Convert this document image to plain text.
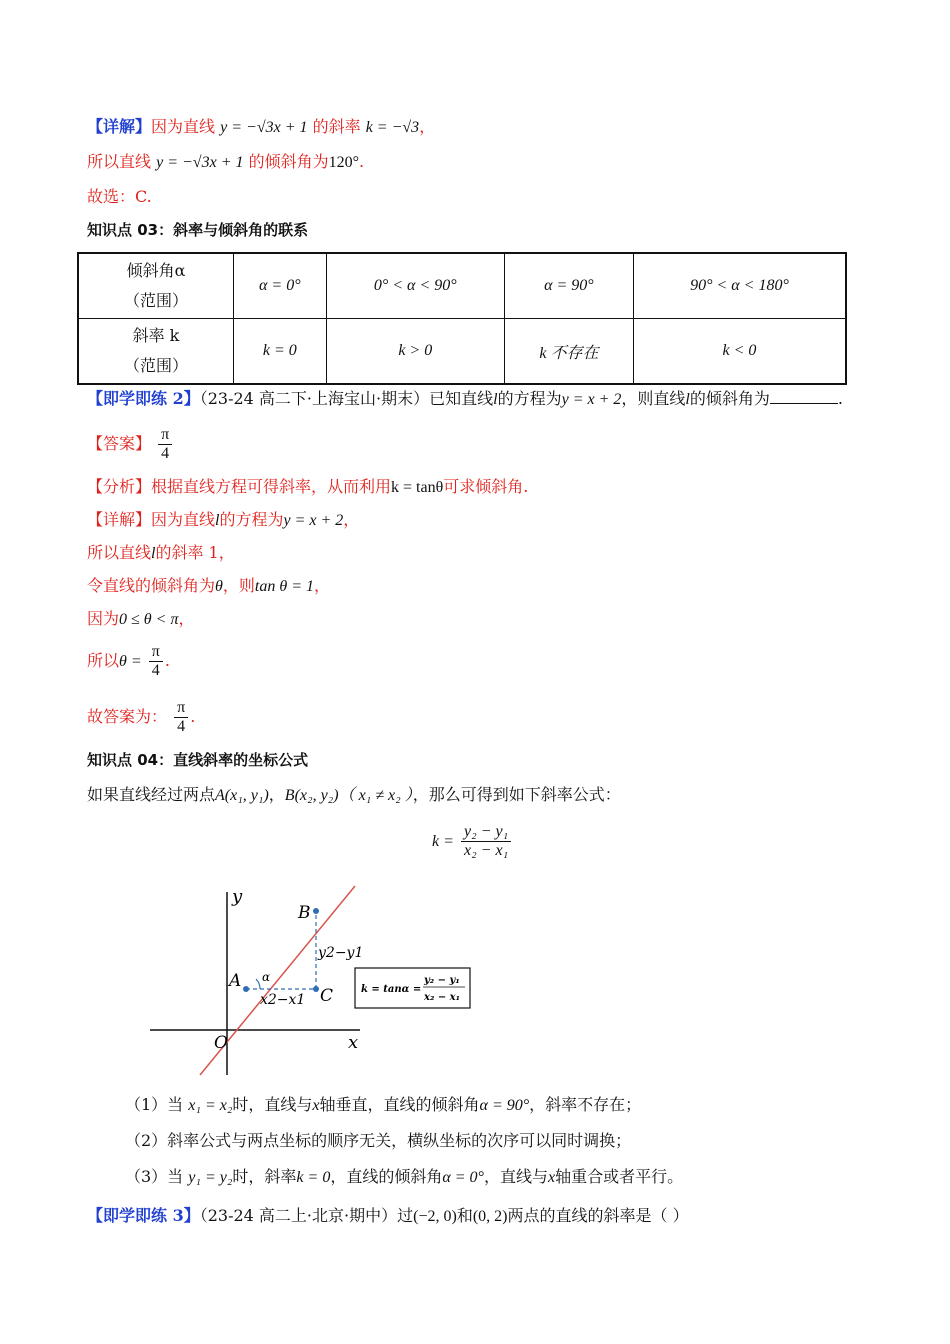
【详解】因为直线 y = −√3x + 1 的斜率 k = −√3，
所以直线 y = −√3x + 1 的倾斜角为120°.
故选：C.
知识点 03：斜率与倾斜角的联系
倾斜角α
（范围）	α = 0°	0° < α < 90°	α = 90°	90° < α < 180°

斜率 k
（范围）	k = 0	k > 0	k 不存在	k < 0
【即学即练 2】（23-24 高二下·上海宝山·期末）已知直线l的方程为y = x + 2，则直线l的倾斜角为	.
【答案】 $\frac{\pi}{4}$
【分析】根据直线方程可得斜率，从而利用k = tanθ可求倾斜角.
【详解】因为直线l的方程为y = x + 2，
所以直线l的斜率 1，
令直线的倾斜角为θ，则tan θ = 1，
因为0 ≤ θ < π，
所以$\theta = \frac{\pi}{4}$ .
故答案为： $\frac{\pi}{4}$ .
知识点 04：直线斜率的坐标公式
如果直线经过两点A(x₁, y₁)，B(x₂, y₂)（ x₁ ≠ x₂ ），那么可得到如下斜率公式：
$k = \frac{\text{y₂ − y₁}}{\text{x₂ − x₁}}$
y
x
O
A
B
C
α
y2−y1
x2−x1
k = tanα =
y₂ − y₁
x₂ − x₁
（1）当 x₁ = x₂时，直线与x轴垂直，直线的倾斜角α = 90°，斜率不存在；
（2）斜率公式与两点坐标的顺序无关，横纵坐标的次序可以同时调换；
（3）当 y₁ = y₂时，斜率k = 0，直线的倾斜角α = 0°，直线与x轴重合或者平行。
【即学即练 3】（23-24 高二上·北京·期中）过(−2, 0)和(0, 2)两点的直线的斜率是（ ）
